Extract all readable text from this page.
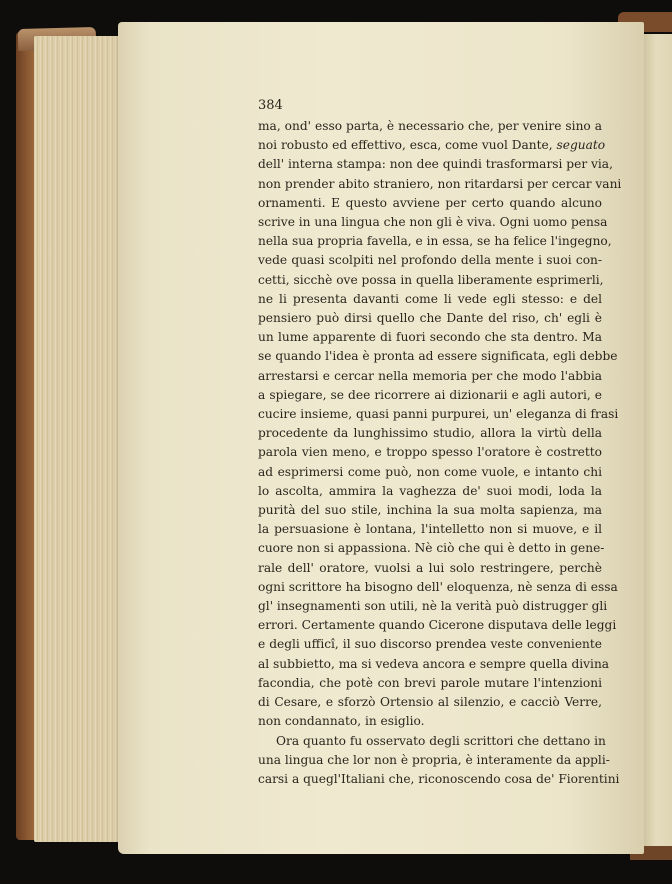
384
ma, ond' esso parta, è necessario che, per venire sino a
noi robusto ed effettivo, esca, come vuol Dante, seguato
dell' interna stampa: non dee quindi trasformarsi per via,
non prender abito straniero, non ritardarsi per cercar vani
ornamenti. E questo avviene per certo quando alcuno
scrive in una lingua che non gli è viva. Ogni uomo pensa
nella sua propria favella, e in essa, se ha felice l'ingegno,
vede quasi scolpiti nel profondo della mente i suoi con-
cetti, sicchè ove possa in quella liberamente esprimerli,
ne li presenta davanti come li vede egli stesso: e del
pensiero può dirsi quello che Dante del riso, ch' egli è
un lume apparente di fuori secondo che sta dentro. Ma
se quando l'idea è pronta ad essere significata, egli debbe
arrestarsi e cercar nella memoria per che modo l'abbia
a spiegare, se dee ricorrere ai dizionarii e agli autori, e
cucire insieme, quasi panni purpurei, un' eleganza di frasi
procedente da lunghissimo studio, allora la virtù della
parola vien meno, e troppo spesso l'oratore è costretto
ad esprimersi come può, non come vuole, e intanto chi
lo ascolta, ammira la vaghezza de' suoi modi, loda la
purità del suo stile, inchina la sua molta sapienza, ma
la persuasione è lontana, l'intelletto non si muove, e il
cuore non si appassiona. Nè ciò che qui è detto in gene-
rale dell' oratore, vuolsi a lui solo restringere, perchè
ogni scrittore ha bisogno dell' eloquenza, nè senza di essa
gl' insegnamenti son utili, nè la verità può distrugger gli
errori. Certamente quando Cicerone disputava delle leggi
e degli ufficî, il suo discorso prendea veste conveniente
al subbietto, ma si vedeva ancora e sempre quella divina
facondia, che potè con brevi parole mutare l'intenzioni
di Cesare, e sforzò Ortensio al silenzio, e cacciò Verre,
non condannato, in esiglio.
Ora quanto fu osservato degli scrittori che dettano in
una lingua che lor non è propria, è interamente da appli-
carsi a quegl'Italiani che, riconoscendo cosa de' Fiorentini
